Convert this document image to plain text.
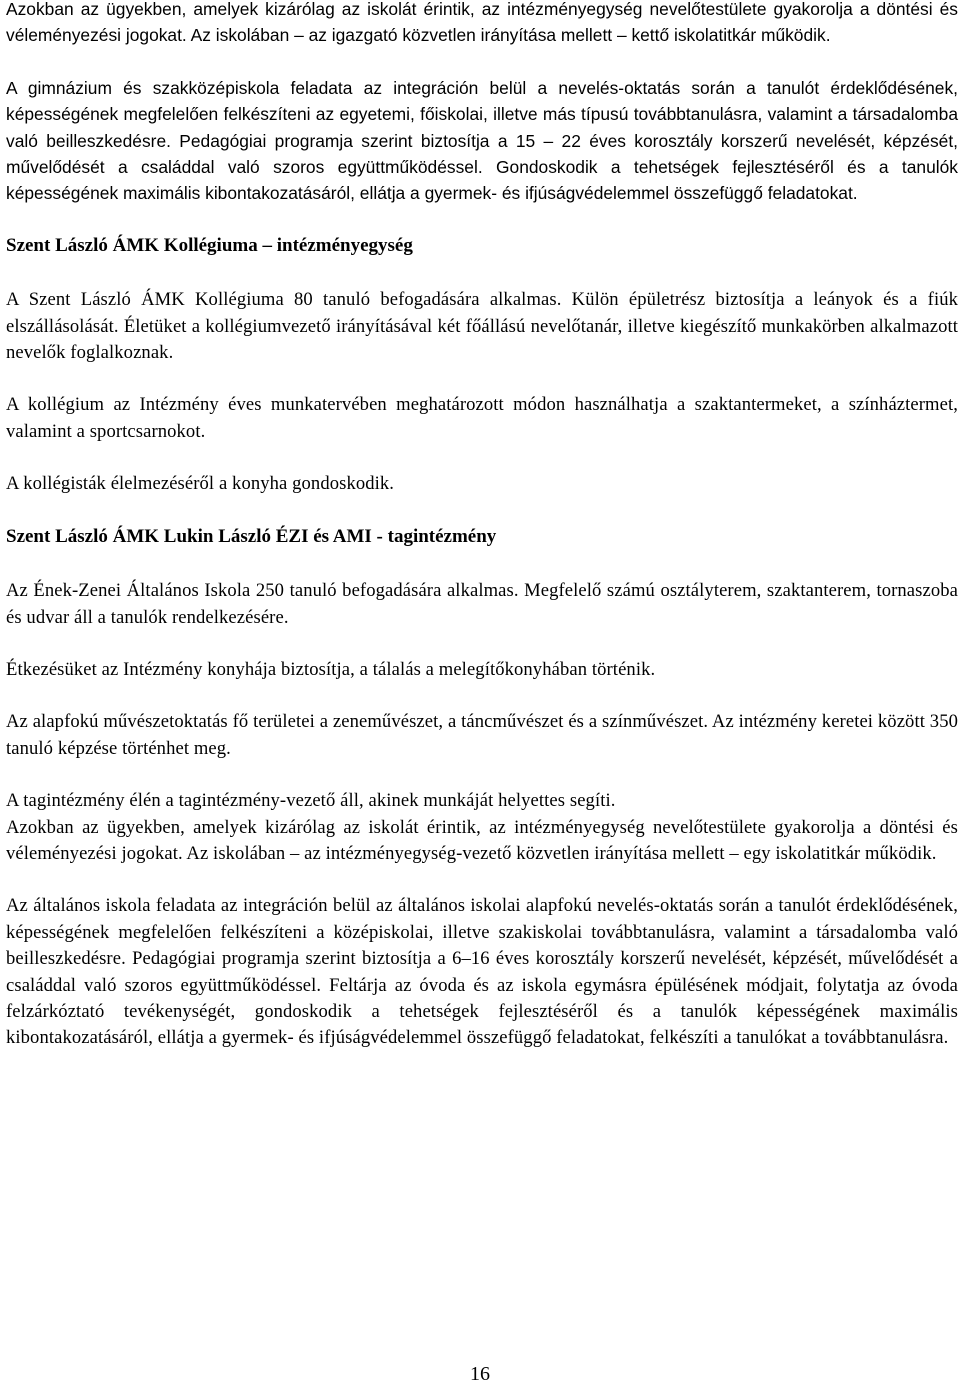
Azokban az ügyekben, amelyek kizárólag az iskolát érintik, az intézményegység nevelőtestülete gyakorolja a döntési és véleményezési jogokat. Az iskolában – az igazgató közvetlen irányítása mellett – kettő iskolatitkár működik.

A gimnázium és szakközépiskola feladata az integráción belül a nevelés-oktatás során a tanulót érdeklődésének, képességének megfelelően felkészíteni az egyetemi, főiskolai, illetve más típusú továbbtanulásra, valamint a társadalomba való beilleszkedésre. Pedagógiai programja szerint biztosítja a 15 – 22 éves korosztály korszerű nevelését, képzését, művelődését a családdal való szoros együttműködéssel. Gondoskodik a tehetségek fejlesztéséről és a tanulók képességének maximális kibontakozatásáról, ellátja a gyermek- és ifjúságvédelemmel összefüggő feladatokat.

Szent László ÁMK Kollégiuma – intézményegység

A Szent László ÁMK Kollégiuma 80 tanuló befogadására alkalmas. Külön épületrész biztosítja a leányok és a fiúk elszállásolását. Életüket a kollégiumvezető irányításával két főállású nevelőtanár, illetve kiegészítő munkakörben alkalmazott nevelők foglalkoznak.

A kollégium az Intézmény éves munkatervében meghatározott módon használhatja a szaktantermeket, a színháztermet, valamint a sportcsarnokot.

A kollégisták élelmezéséről a konyha gondoskodik.

Szent László ÁMK Lukin László ÉZI és AMI - tagintézmény

Az Ének-Zenei Általános Iskola 250 tanuló befogadására alkalmas. Megfelelő számú osztályterem, szaktanterem, tornaszoba és udvar áll a tanulók rendelkezésére.

Étkezésüket az Intézmény konyhája biztosítja, a tálalás a melegítőkonyhában történik.

Az alapfokú művészetoktatás fő területei a zeneművészet, a táncművészet és a színművészet. Az intézmény keretei között 350 tanuló képzése történhet meg.

A tagintézmény élén a tagintézmény-vezető áll, akinek munkáját helyettes segíti.

Azokban az ügyekben, amelyek kizárólag az iskolát érintik, az intézményegység nevelőtestülete gyakorolja a döntési és véleményezési jogokat. Az iskolában – az intézményegység-vezető közvetlen irányítása mellett – egy iskolatitkár működik.

Az általános iskola feladata az integráción belül az általános iskolai alapfokú nevelés-oktatás során a tanulót érdeklődésének, képességének megfelelően felkészíteni a középiskolai, illetve szakiskolai továbbtanulásra, valamint a társadalomba való beilleszkedésre. Pedagógiai programja szerint biztosítja a 6–16 éves korosztály korszerű nevelését, képzését, művelődését a családdal való szoros együttműködéssel. Feltárja az óvoda és az iskola egymásra épülésének módjait, folytatja az óvoda felzárkóztató tevékenységét, gondoskodik a tehetségek fejlesztéséről és a tanulók képességének maximális kibontakozatásáról, ellátja a gyermek- és ifjúságvédelemmel összefüggő feladatokat, felkészíti a tanulókat a továbbtanulásra.

16
